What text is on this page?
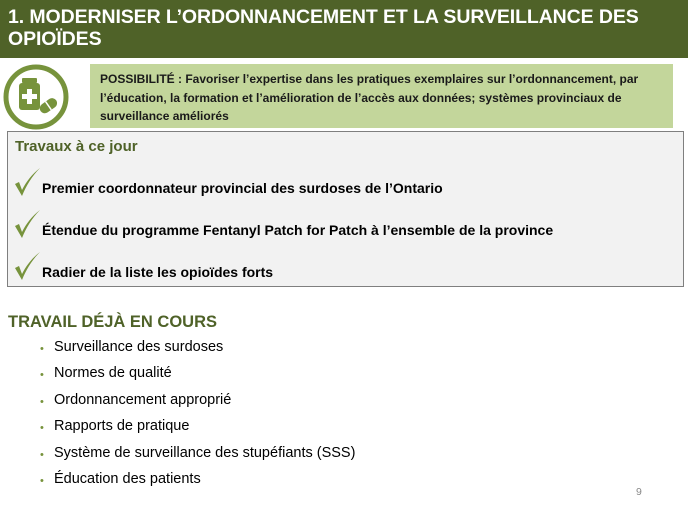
1. MODERNISER L’ORDONNANCEMENT ET LA SURVEILLANCE DES OPIOÏDES
POSSIBILITÉ : Favoriser l’expertise dans les pratiques exemplaires sur l’ordonnancement, par l’éducation, la formation et l’amélioration de l’accès aux données; systèmes provinciaux de surveillance améliorés
Travaux à ce jour
Premier coordonnateur provincial des surdoses de l’Ontario
Étendue du programme Fentanyl Patch for Patch à l’ensemble de la province
Radier de la liste les opioïdes forts
TRAVAIL DÉJÀ EN COURS
• Surveillance des surdoses
• Normes de qualité
• Ordonnancement approprié
• Rapports de pratique
• Système de surveillance des stupéfiants (SSS)
• Éducation des patients
9
